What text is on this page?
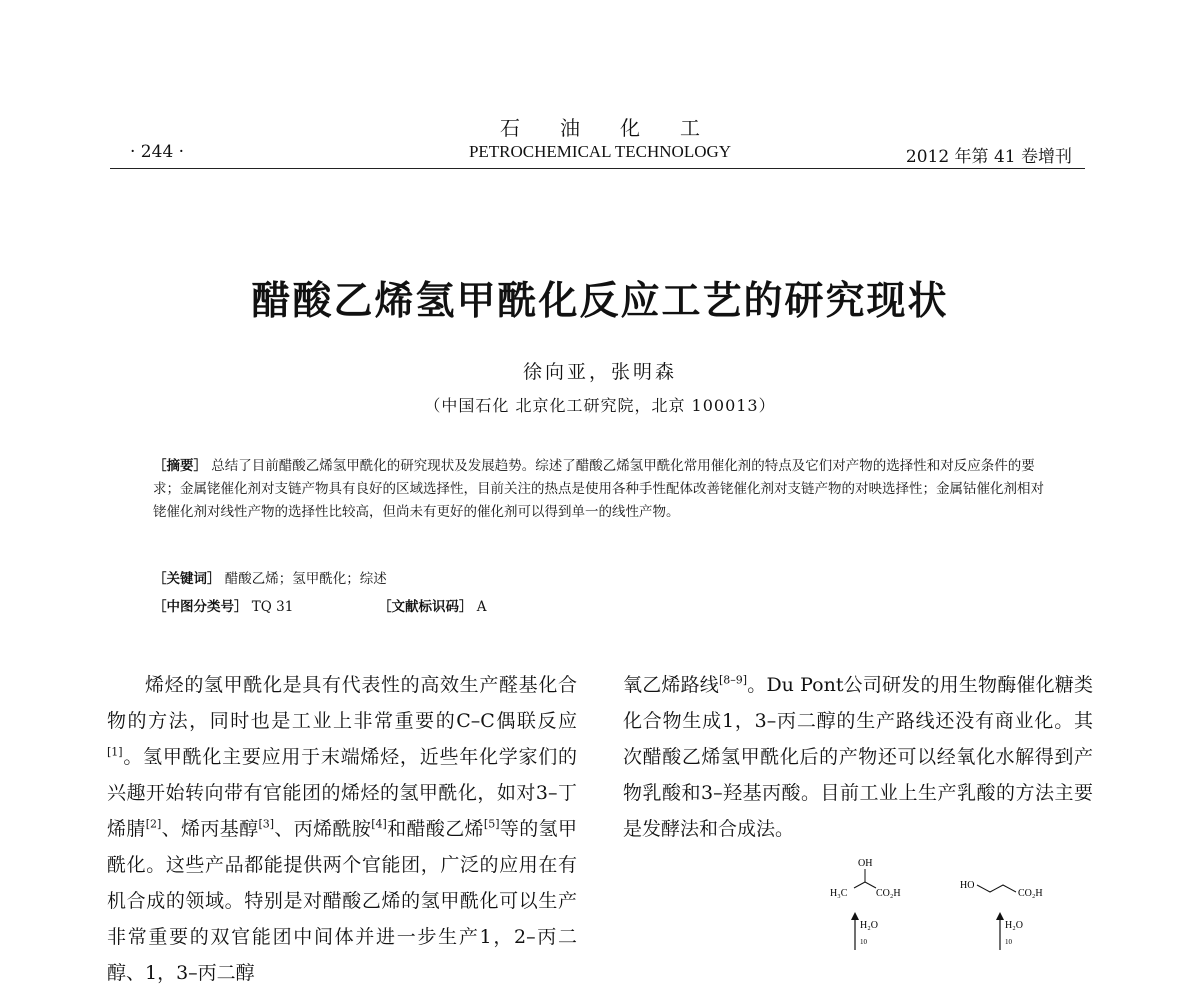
石油化工
· 244 ·	PETROCHEMICAL TECHNOLOGY	2012 年第 41 卷增刊
醋酸乙烯氢甲酰化反应工艺的研究现状
徐向亚，张明森
（中国石化 北京化工研究院，北京 100013）
［摘要］ 总结了目前醋酸乙烯氢甲酰化的研究现状及发展趋势。综述了醋酸乙烯氢甲酰化常用催化剂的特点及它们对产物的选择性和对反应条件的要求；金属铑催化剂对支链产物具有良好的区域选择性，目前关注的热点是使用各种手性配体改善铑催化剂对支链产物的对映选择性；金属钴催化剂相对铑催化剂对线性产物的选择性比较高，但尚未有更好的催化剂可以得到单一的线性产物。
［关键词］ 醋酸乙烯；氢甲酰化；综述
［中图分类号］ TQ 31	［文献标识码］ A
烯烃的氢甲酰化是具有代表性的高效生产醛基化合物的方法，同时也是工业上非常重要的C–C偶联反应[1]。氢甲酰化主要应用于末端烯烃，近些年化学家们的兴趣开始转向带有官能团的烯烃的氢甲酰化，如对3–丁烯腈[2]、烯丙基醇[3]、丙烯酰胺[4]和醋酸乙烯[5]等的氢甲酰化。这些产品都能提供两个官能团，广泛的应用在有机合成的领域。特别是对醋酸乙烯的氢甲酰化可以生产非常重要的双官能团中间体并进一步生产1，2–丙二醇、1，3–丙二醇
氧乙烯路线[8–9]。Du Pont公司研发的用生物酶催化糖类化合物生成1，3–丙二醇的生产路线还没有商业化。其次醋酸乙烯氢甲酰化后的产物还可以经氧化水解得到产物乳酸和3–羟基丙酸。目前工业上生产乳酸的方法主要是发酵法和合成法。
OH
H₃C	CO₂H
HO
CO₂H
H₂O
10
H₂O
10
